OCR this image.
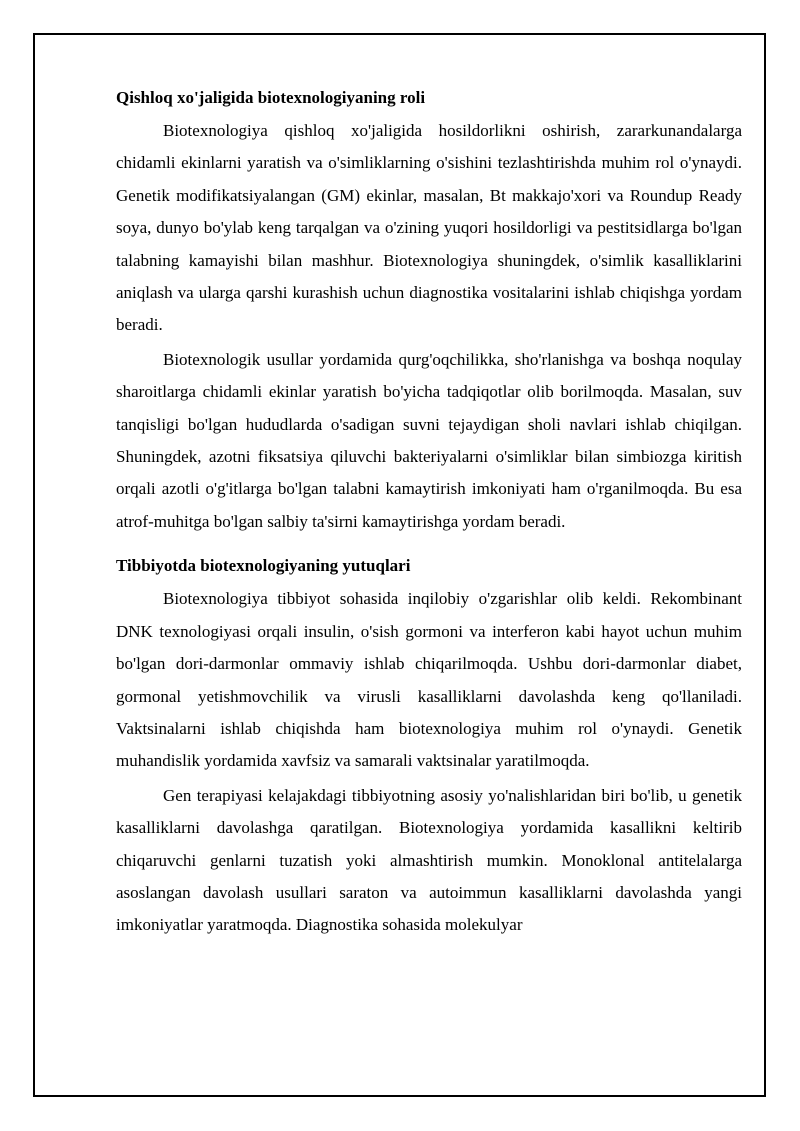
Qishloq xo'jaligida biotexnologiyaning roli

Biotexnologiya qishloq xo'jaligida hosildorlikni oshirish, zararkunandalarga chidamli ekinlarni yaratish va o'simliklarning o'sishini tezlashtirishda muhim rol o'ynaydi. Genetik modifikatsiyalangan (GM) ekinlar, masalan, Bt makkajo'xori va Roundup Ready soya, dunyo bo'ylab keng tarqalgan va o'zining yuqori hosildorligi va pestitsidlarga bo'lgan talabning kamayishi bilan mashhur. Biotexnologiya shuningdek, o'simlik kasalliklarini aniqlash va ularga qarshi kurashish uchun diagnostika vositalarini ishlab chiqishga yordam beradi.

Biotexnologik usullar yordamida qurg'oqchilikka, sho'rlanishga va boshqa noqulay sharoitlarga chidamli ekinlar yaratish bo'yicha tadqiqotlar olib borilmoqda. Masalan, suv tanqisligi bo'lgan hududlarda o'sadigan suvni tejaydigan sholi navlari ishlab chiqilgan. Shuningdek, azotni fiksatsiya qiluvchi bakteriyalarni o'simliklar bilan simbiozga kiritish orqali azotli o'g'itlarga bo'lgan talabni kamaytirish imkoniyati ham o'rganilmoqda. Bu esa atrof-muhitga bo'lgan salbiy ta'sirni kamaytirishga yordam beradi.

Tibbiyotda biotexnologiyaning yutuqlari

Biotexnologiya tibbiyot sohasida inqilobiy o'zgarishlar olib keldi. Rekombinant DNK texnologiyasi orqali insulin, o'sish gormoni va interferon kabi hayot uchun muhim bo'lgan dori-darmonlar ommaviy ishlab chiqarilmoqda. Ushbu dori-darmonlar diabet, gormonal yetishmovchilik va virusli kasalliklarni davolashda keng qo'llaniladi. Vaktsinalarni ishlab chiqishda ham biotexnologiya muhim rol o'ynaydi. Genetik muhandislik yordamida xavfsiz va samarali vaktsinalar yaratilmoqda.

Gen terapiyasi kelajakdagi tibbiyotning asosiy yo'nalishlaridan biri bo'lib, u genetik kasalliklarni davolashga qaratilgan. Biotexnologiya yordamida kasallikni keltirib chiqaruvchi genlarni tuzatish yoki almashtirish mumkin. Monoklonal antitelalarga asoslangan davolash usullari saraton va autoimmun kasalliklarni davolashda yangi imkoniyatlar yaratmoqda. Diagnostika sohasida molekulyar
